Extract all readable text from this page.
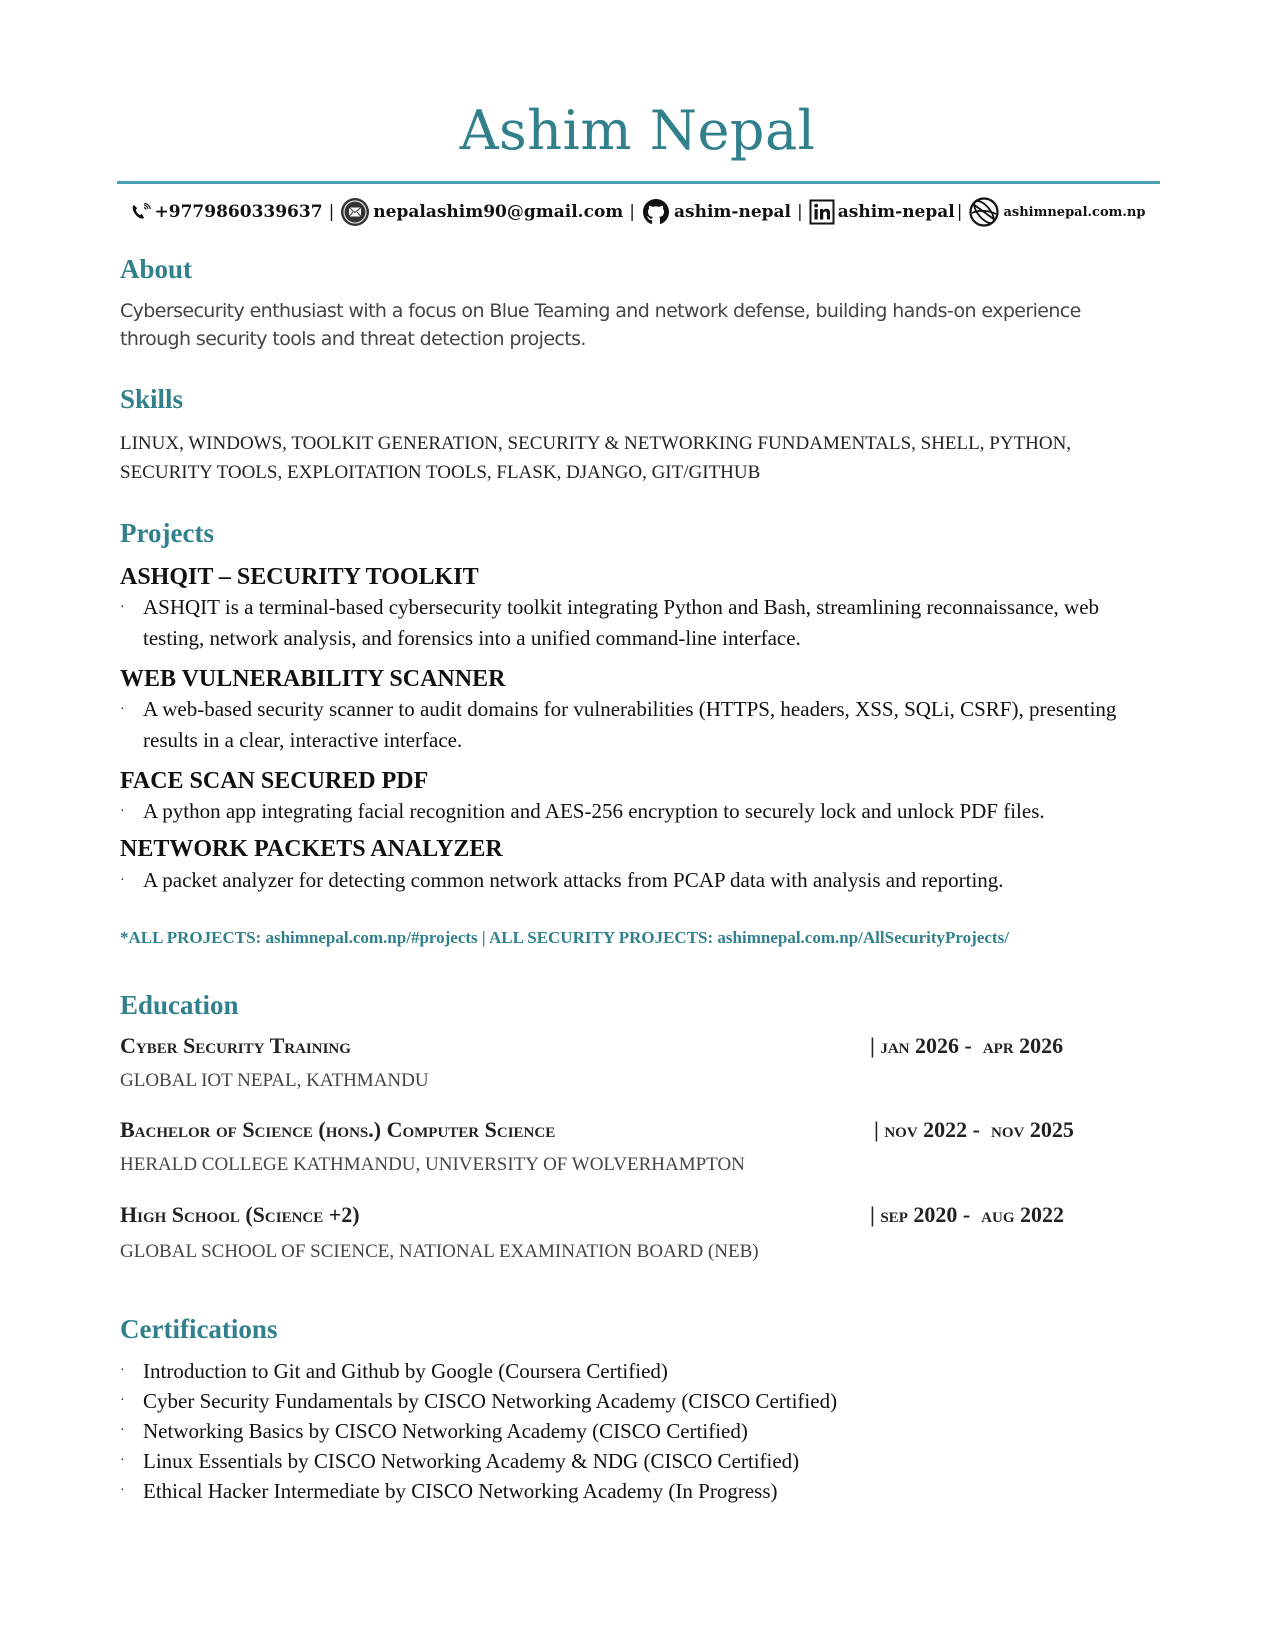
Ashim Nepal
+9779860339637 | nepalashim90@gmail.com | ashim-nepal | ashim-nepal |	ashimnepal.com.np
About
Cybersecurity enthusiast with a focus on Blue Teaming and network defense, building hands-on experience through security tools and threat detection projects.
Skills
LINUX, WINDOWS, TOOLKIT GENERATION, SECURITY & NETWORKING FUNDAMENTALS, SHELL, PYTHON, SECURITY TOOLS, EXPLOITATION TOOLS, FLASK, DJANGO, GIT/GITHUB
Projects
ASHQIT – SECURITY TOOLKIT
· ASHQIT is a terminal-based cybersecurity toolkit integrating Python and Bash, streamlining reconnaissance, web testing, network analysis, and forensics into a unified command-line interface.
WEB VULNERABILITY SCANNER
· A web-based security scanner to audit domains for vulnerabilities (HTTPS, headers, XSS, SQLi, CSRF), presenting results in a clear, interactive interface.
FACE SCAN SECURED PDF
· A python app integrating facial recognition and AES-256 encryption to securely lock and unlock PDF files.
NETWORK PACKETS ANALYZER
· A packet analyzer for detecting common network attacks from PCAP data with analysis and reporting.
*ALL PROJECTS: ashimnepal.com.np/#projects | ALL SECURITY PROJECTS: ashimnepal.com.np/AllSecurityProjects/
Education
Cyber Security Training	| jan 2026 -  apr 2026
GLOBAL IOT NEPAL, KATHMANDU
Bachelor of Science (hons.) Computer Science	| nov 2022 -  nov 2025
HERALD COLLEGE KATHMANDU, UNIVERSITY OF WOLVERHAMPTON
High School (Science +2)	| sep 2020 -  aug 2022
GLOBAL SCHOOL OF SCIENCE, NATIONAL EXAMINATION BOARD (NEB)
Certifications
· Introduction to Git and Github by Google (Coursera Certified)
· Cyber Security Fundamentals by CISCO Networking Academy (CISCO Certified)
· Networking Basics by CISCO Networking Academy (CISCO Certified)
· Linux Essentials by CISCO Networking Academy & NDG (CISCO Certified)
· Ethical Hacker Intermediate by CISCO Networking Academy (In Progress)
